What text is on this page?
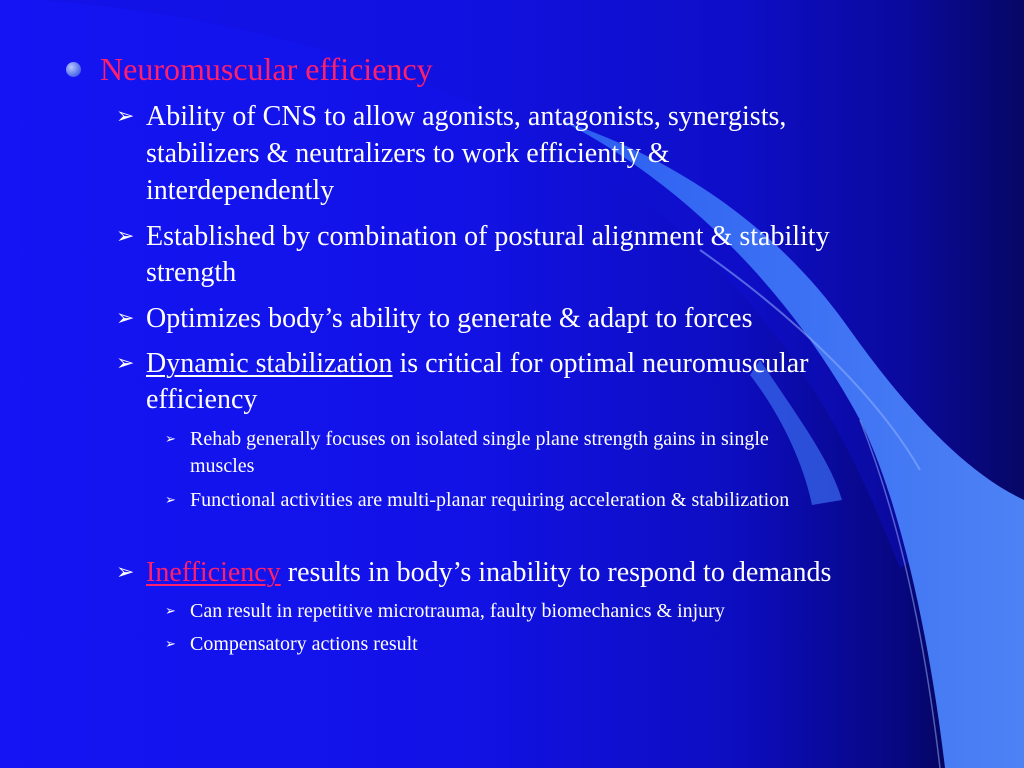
Neuromuscular efficiency
➢ Ability of CNS to allow agonists, antagonists, synergists,
stabilizers & neutralizers to work efficiently &
interdependently
➢ Established by combination of postural alignment & stability
strength
➢ Optimizes body’s ability to generate & adapt to forces
➢ Dynamic stabilization is critical for optimal neuromuscular
efficiency
➢ Rehab generally focuses on isolated single plane strength gains in single
muscles
➢ Functional activities are multi-planar requiring acceleration & stabilization
➢ Inefficiency results in body’s inability to respond to demands
➢ Can result in repetitive microtrauma, faulty biomechanics & injury
➢ Compensatory actions result
